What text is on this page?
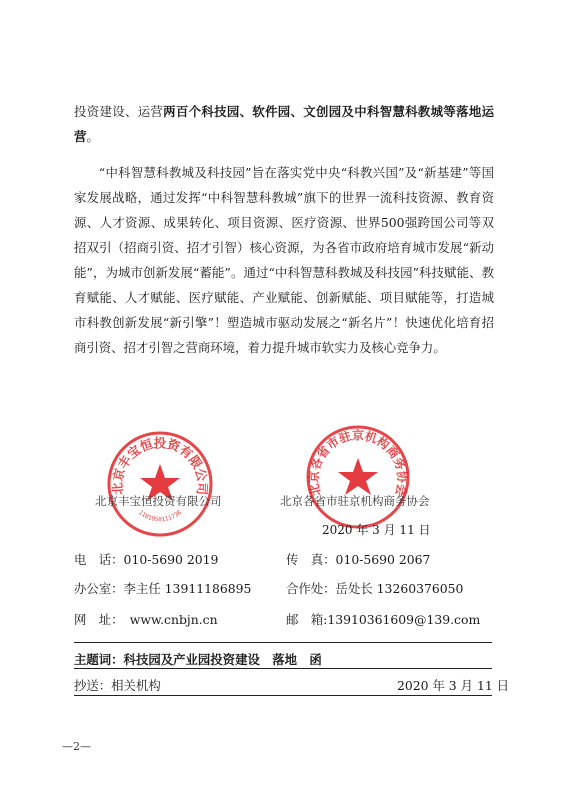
投资建设、运营两百个科技园、软件园、文创园及中科智慧科教城等落地运营。
“中科智慧科教城及科技园”旨在落实党中央“科教兴国”及“新基建”等国家发展战略，通过发挥“中科智慧科教城”旗下的世界一流科技资源、教育资源、人才资源、成果转化、项目资源、医疗资源、世界500强跨国公司等双招双引（招商引资、招才引智）核心资源，为各省市政府培育城市发展“新动能”，为城市创新发展“蓄能”。通过“中科智慧科教城及科技园”科技赋能、教育赋能、人才赋能、医疗赋能、产业赋能、创新赋能、项目赋能等，打造城市科教创新发展“新引擎”！塑造城市驱动发展之“新名片”！快速优化培育招商引资、招才引智之营商环境，着力提升城市软实力及核心竞争力。
北京丰宝恒投资有限公司
1101050111738
北京各省市驻京机构商务协会
北京丰宝恒投资有限公司	北京各省市驻京机构商务协会
2020 年 3 月 11 日
电　话：010-5690 2019	传　真：010-5690 2067
办公室：李主任 13911186895	合作处：岳处长 13260376050
网　址：　www.cnbjn.cn	邮　箱:13910361609@139.com
主题词：科技园及产业园投资建设　落地　函
抄送：相关机构	2020 年 3 月 11 日
—2—
